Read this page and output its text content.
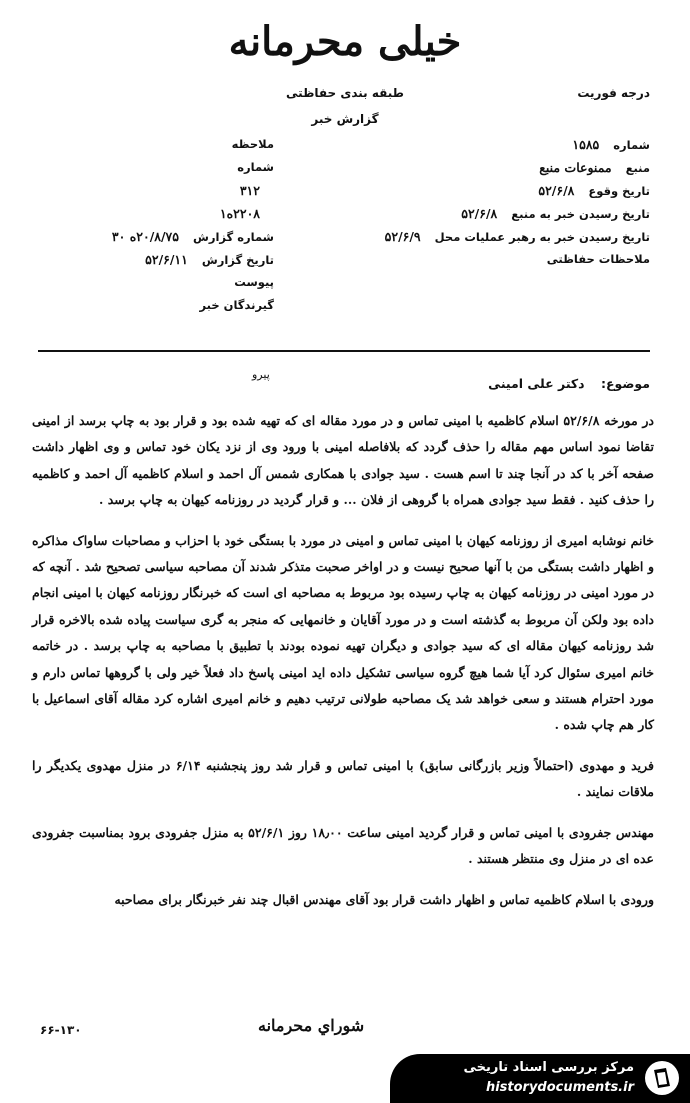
خیلی محرمانه
درجه فوریت
طبقه بندی حفاظتی
گزارش خبر
شماره۱۵۸۵
منبعممنوعات منبع
تاریخ وقوع۵۲/۶/۸
تاریخ رسیدن خبر به منبع۵۲/۶/۸
تاریخ رسیدن خبر به رهبر عملیات محل۵۲/۶/۹
ملاحظات حفاظتی
ملاحظه
شماره
۳۱۲
۲۲۰۸ه۱
شماره گزارش۲۰/۸/۷۵ه ۳۰
تاریخ گزارش۵۲/۶/۱۱
پیوست
گیرندگان خبر
پیرو
موضوع: دکتر علی امینی

در مورخه ۵۲/۶/۸ اسلام کاظمیه با امینی تماس و در مورد مقاله ای که تهیه شده بود و قرار بود به چاپ برسد از امینی تقاضا نمود اساس مهم مقاله را حذف گردد که بلافاصله امینی با ورود وی از نزد یکان خود تماس و وی اظهار داشت صفحه آخر با کد در آنجا چند تا اسم هست . سید جوادی با همکاری شمس آل احمد و اسلام کاظمیه آل احمد و کاظمیه را حذف کنید . فقط سید جوادی همراه با گروهی از فلان ... و قرار گردید در روزنامه کیهان به چاپ برسد .

خانم نوشابه امیری از روزنامه کیهان با امینی تماس و امینی در مورد با بستگی خود با احزاب و مصاحبات ساواک مذاکره و اظهار داشت بستگی من با آنها صحیح نیست و در اواخر صحبت متذکر شدند آن مصاحبه سیاسی تصحیح شد . آنچه که در مورد امینی در روزنامه کیهان به چاپ رسیده بود مربوط به مصاحبه ای است که خبرنگار روزنامه کیهان با امینی انجام داده بود ولکن آن مربوط به گذشته است و در مورد آقایان و خانمهایی که منجر به گری سیاست پیاده شده بالاخره قرار شد روزنامه کیهان مقاله ای که سید جوادی و دیگران تهیه نموده بودند با تطبیق با مصاحبه به چاپ برسد . در خاتمه خانم امیری سئوال کرد آیا شما هیچ گروه سیاسی تشکیل داده اید امینی پاسخ داد فعلاً خیر ولی با گروهها تماس دارم و مورد احترام هستند و سعی خواهد شد یک مصاحبه طولانی ترتیب دهیم و خانم امیری اشاره کرد مقاله آقای اسماعیل با کار هم چاپ شده .

فرید و مهدوی (احتمالاً وزیر بازرگانی سابق) با امینی تماس و قرار شد روز پنجشنبه ۶/۱۴ در منزل مهدوی یکدیگر را ملاقات نمایند .

مهندس جفرودی با امینی تماس و قرار گردید امینی ساعت ۱۸٫۰۰ روز ۵۲/۶/۱ به منزل جفرودی برود بمناسبت جفرودی عده ای در منزل وی منتظر هستند .

ورودی با اسلام کاظمیه تماس و اظهار داشت قرار بود آقای مهندس اقبال چند نفر خبرنگار برای مصاحبه

شوراي محرمانه
۶۶-۱۳۰
مرکز بررسی اسناد تاریخی
historydocuments.ir
